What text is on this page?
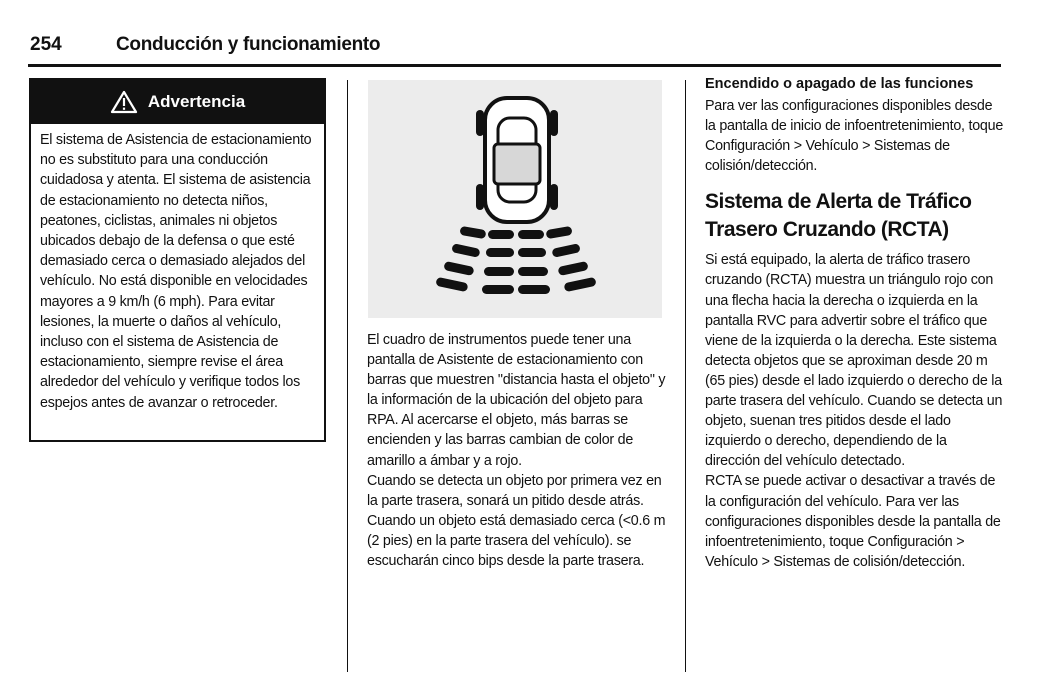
254	Conducción y funcionamiento
Advertencia

El sistema de Asistencia de estacionamiento no es substituto para una conducción cuidadosa y atenta. El sistema de asistencia de estacionamiento no detecta niños, peatones, ciclistas, animales ni objetos ubicados debajo de la defensa o que esté demasiado cerca o demasiado alejados del vehículo. No está disponible en velocidades mayores a 9 km/h (6 mph). Para evitar lesiones, la muerte o daños al vehículo, incluso con el sistema de Asistencia de estacionamiento, siempre revise el área alrededor del vehículo y verifique todos los espejos antes de avanzar o retroceder.

El cuadro de instrumentos puede tener una pantalla de Asistente de estacionamiento con barras que muestren "distancia hasta el objeto" y la información de la ubicación del objeto para RPA. Al acercarse el objeto, más barras se encienden y las barras cambian de color de amarillo a ámbar y a rojo.

Cuando se detecta un objeto por primera vez en la parte trasera, sonará un pitido desde atrás. Cuando un objeto está demasiado cerca (<0.6 m (2 pies) en la parte trasera del vehículo). se escucharán cinco bips desde la parte trasera.

Encendido o apagado de las funciones

Para ver las configuraciones disponibles desde la pantalla de inicio de infoentretenimiento, toque Configuración > Vehículo > Sistemas de colisión/detección.

Sistema de Alerta de Tráfico Trasero Cruzando (RCTA)

Si está equipado, la alerta de tráfico trasero cruzando (RCTA) muestra un triángulo rojo con una flecha hacia la derecha o izquierda en la pantalla RVC para advertir sobre el tráfico que viene de la izquierda o la derecha. Este sistema detecta objetos que se aproximan desde 20 m (65 pies) desde el lado izquierdo o derecho de la parte trasera del vehículo. Cuando se detecta un objeto, suenan tres pitidos desde el lado izquierdo o derecho, dependiendo de la dirección del vehículo detectado.

RCTA se puede activar o desactivar a través de la configuración del vehículo. Para ver las configuraciones disponibles desde la pantalla de infoentretenimiento, toque Configuración > Vehículo > Sistemas de colisión/detección.
